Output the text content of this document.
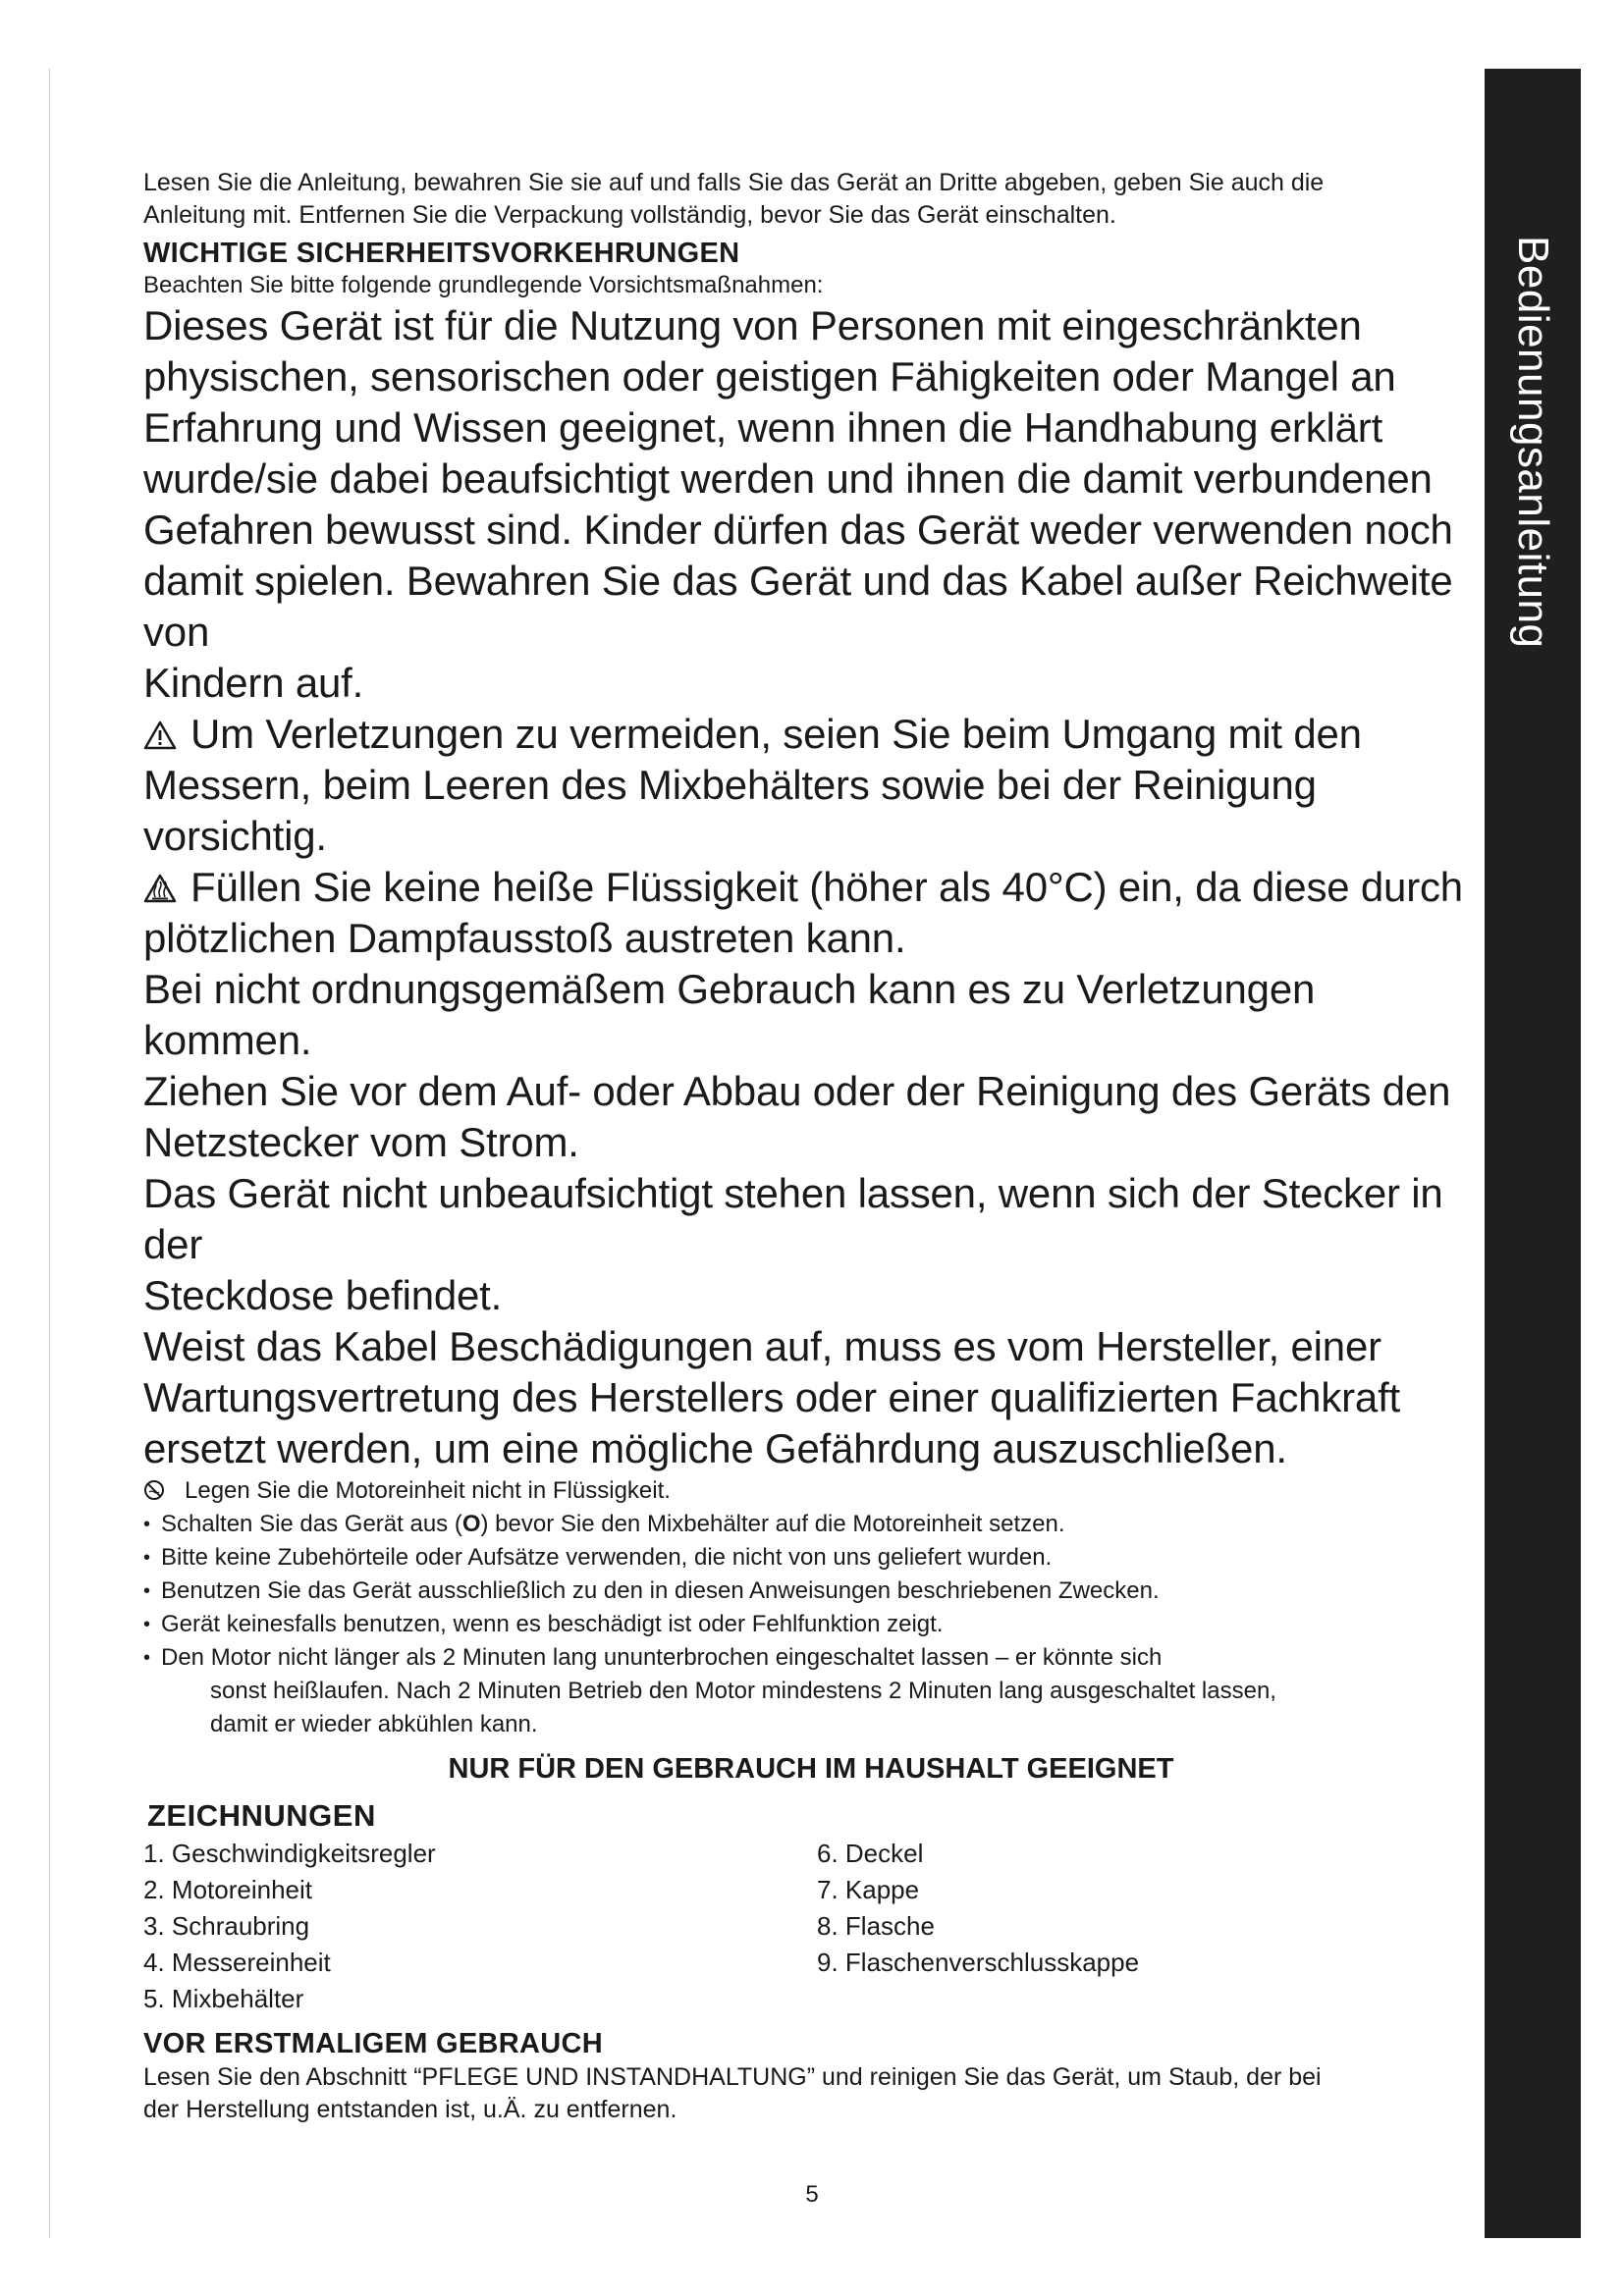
Bedienungsanleitung

Lesen Sie die Anleitung, bewahren Sie sie auf und falls Sie das Gerät an Dritte abgeben, geben Sie auch die
Anleitung mit. Entfernen Sie die Verpackung vollständig, bevor Sie das Gerät einschalten.

WICHTIGE SICHERHEITSVORKEHRUNGEN

Beachten Sie bitte folgende grundlegende Vorsichtsmaßnahmen:

Dieses Gerät ist für die Nutzung von Personen mit eingeschränkten
physischen, sensorischen oder geistigen Fähigkeiten oder Mangel an
Erfahrung und Wissen geeignet, wenn ihnen die Handhabung erklärt
wurde/sie dabei beaufsichtigt werden und ihnen die damit verbundenen
Gefahren bewusst sind. Kinder dürfen das Gerät weder verwenden noch
damit spielen. Bewahren Sie das Gerät und das Kabel außer Reichweite von
Kindern auf.

Um Verletzungen zu vermeiden, seien Sie beim Umgang mit den
Messern, beim Leeren des Mixbehälters sowie bei der Reinigung vorsichtig.

Füllen Sie keine heiße Flüssigkeit (höher als 40°C) ein, da diese durch
plötzlichen Dampfausstoß austreten kann.

Bei nicht ordnungsgemäßem Gebrauch kann es zu Verletzungen kommen.
Ziehen Sie vor dem Auf- oder Abbau oder der Reinigung des Geräts den
Netzstecker vom Strom.
Das Gerät nicht unbeaufsichtigt stehen lassen, wenn sich der Stecker in der
Steckdose befindet.
Weist das Kabel Beschädigungen auf, muss es vom Hersteller, einer
Wartungsvertretung des Herstellers oder einer qualifizierten Fachkraft
ersetzt werden, um eine mögliche Gefährdung auszuschließen.

Legen Sie die Motoreinheit nicht in Flüssigkeit.

• Schalten Sie das Gerät aus (O) bevor Sie den Mixbehälter auf die Motoreinheit setzen.
• Bitte keine Zubehörteile oder Aufsätze verwenden, die nicht von uns geliefert wurden.
• Benutzen Sie das Gerät ausschließlich zu den in diesen Anweisungen beschriebenen Zwecken.
• Gerät keinesfalls benutzen, wenn es beschädigt ist oder Fehlfunktion zeigt.
• Den Motor nicht länger als 2 Minuten lang ununterbrochen eingeschaltet lassen – er könnte sich

sonst heißlaufen. Nach 2 Minuten Betrieb den Motor mindestens 2 Minuten lang ausgeschaltet lassen,
damit er wieder abkühlen kann.

NUR FÜR DEN GEBRAUCH IM HAUSHALT GEEIGNET
ZEICHNUNGEN
1. Geschwindigkeitsregler
2. Motoreinheit
3. Schraubring
4. Messereinheit
5. Mixbehälter
6. Deckel
7. Kappe
8. Flasche
9. Flaschenverschlusskappe
VOR ERSTMALIGEM GEBRAUCH

Lesen Sie den Abschnitt “PFLEGE UND INSTANDHALTUNG” und reinigen Sie das Gerät, um Staub, der bei
der Herstellung entstanden ist, u.Ä. zu entfernen.

5
